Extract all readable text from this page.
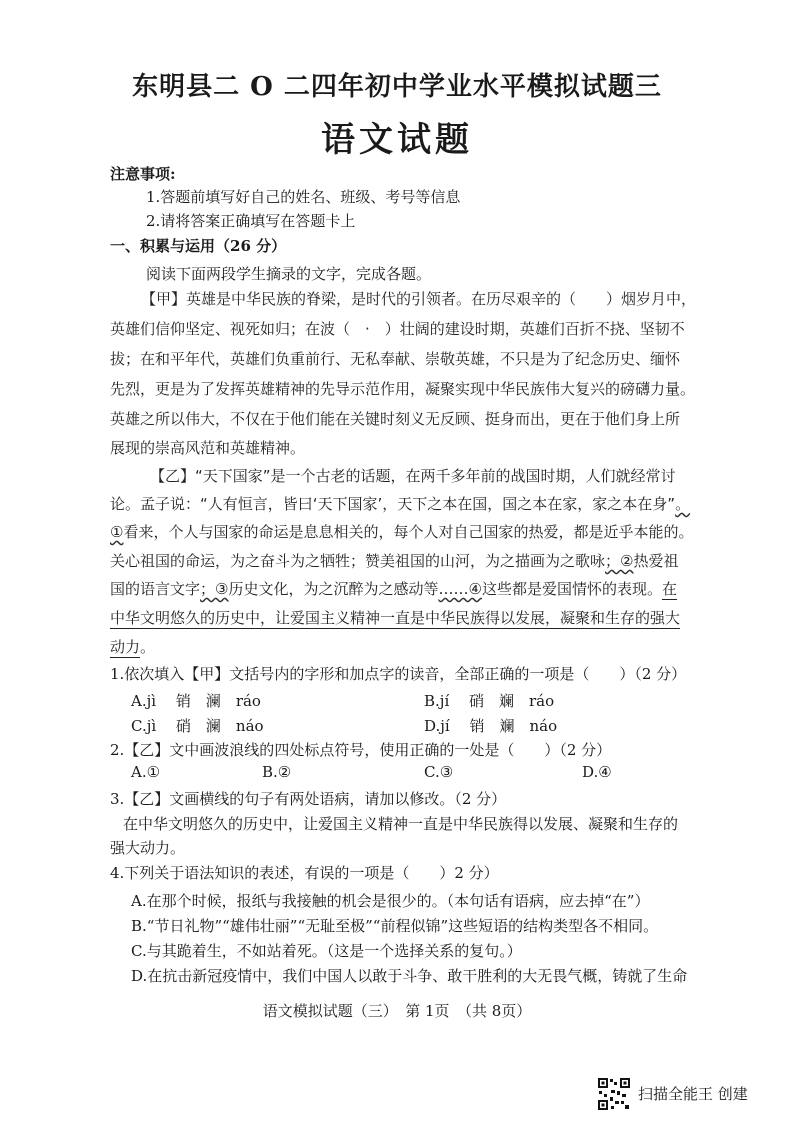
东明县二 O 二四年初中学业水平模拟试题三
语文试题
注意事项:
1.答题前填写好自己的姓名、班级、考号等信息
2.请将答案正确填写在答题卡上
一、积累与运用（26 分）
阅读下面两段学生摘录的文字，完成各题。
【甲】英雄是中华民族的脊梁，是时代的引领者。在历尽艰辛的（　　）烟岁月中，
英雄们信仰坚定、视死如归；在波（　·　）壮阔的建设时期，英雄们百折不挠、坚韧不
拔；在和平年代，英雄们负重前行、无私奉献、崇敬英雄，不只是为了纪念历史、缅怀
先烈，更是为了发挥英雄精神的先导示范作用，凝聚实现中华民族伟大复兴的磅礴力量。
英雄之所以伟大，不仅在于他们能在关键时刻义无反顾、挺身而出，更在于他们身上所
展现的崇高风范和英雄精神。
【乙】“天下国家”是一个古老的话题，在两千多年前的战国时期，人们就经常讨
论。孟子说：“人有恒言，皆曰‘天下国家’，天下之本在国，国之本在家，家之本在身”。
①看来，个人与国家的命运是息息相关的，每个人对自己国家的热爱，都是近乎本能的。
关心祖国的命运，为之奋斗为之牺牲；赞美祖国的山河，为之描画为之歌咏；②热爱祖
国的语言文字；③历史文化，为之沉醉为之感动等……④这些都是爱国情怀的表现。在
中华文明悠久的历史中，让爱国主义精神一直是中华民族得以发展，凝聚和生存的强大
动力。
1.依次填入【甲】文括号内的字形和加点字的读音，全部正确的一项是（　　）（2 分）
A.jì　 销　澜　ráo	B.jí　 硝　斓　ráo
C.jì　 硝　澜　náo	D.jí　 销　斓　náo
2.【乙】文中画波浪线的四处标点符号，使用正确的一处是（　　）（2 分）
A.①	B.②	C.③	D.④
3.【乙】文画横线的句子有两处语病，请加以修改。（2 分）
在中华文明悠久的历史中，让爱国主义精神一直是中华民族得以发展、凝聚和生存的
强大动力。
4.下列关于语法知识的表述，有误的一项是（　　）2 分）
A.在那个时候，报纸与我接触的机会是很少的。（本句话有语病，应去掉“在”）
B.“节日礼物”“雄伟壮丽”“无耻至极”“前程似锦”这些短语的结构类型各不相同。
C.与其跪着生，不如站着死。（这是一个选择关系的复句。）
D.在抗击新冠疫情中，我们中国人以敢于斗争、敢干胜利的大无畏气概，铸就了生命
语文模拟试题（三）　第 1页　（共 8页）
扫描全能王 创建
